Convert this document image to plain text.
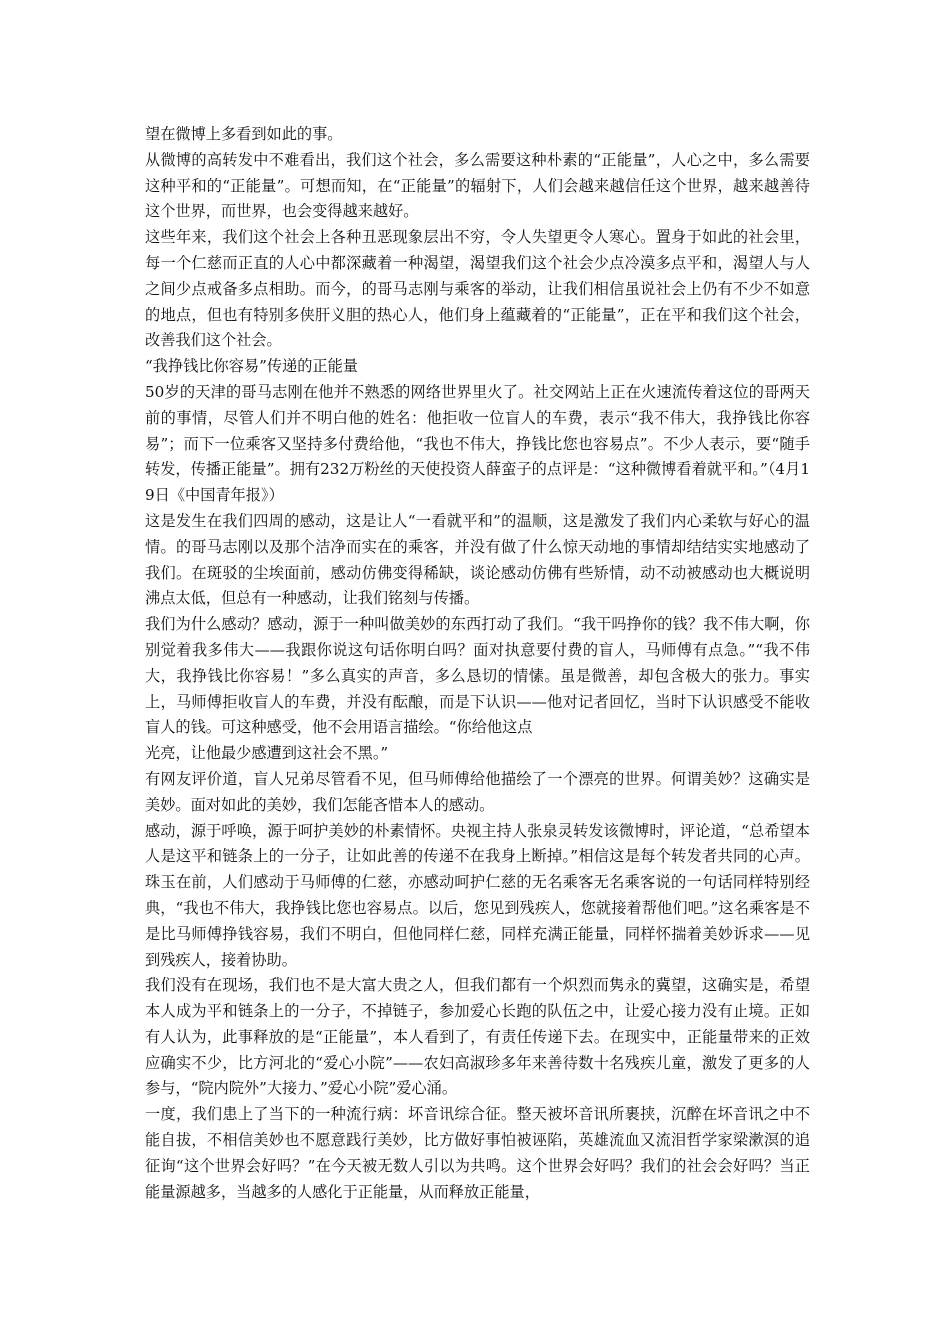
望在微博上多看到如此的事。

从微博的高转发中不难看出，我们这个社会，多么需要这种朴素的“正能量”，人心之中，多么需要这种平和的“正能量”。可想而知，在“正能量”的辐射下，人们会越来越信任这个世界，越来越善待这个世界，而世界，也会变得越来越好。

这些年来，我们这个社会上各种丑恶现象层出不穷，令人失望更令人寒心。置身于如此的社会里，每一个仁慈而正直的人心中都深藏着一种渴望，渴望我们这个社会少点冷漠多点平和，渴望人与人之间少点戒备多点相助。而今，的哥马志刚与乘客的举动，让我们相信虽说社会上仍有不少不如意的地点，但也有特别多侠肝义胆的热心人，他们身上蕴藏着的“正能量”，正在平和我们这个社会，改善我们这个社会。

“我挣钱比你容易”传递的正能量

50岁的天津的哥马志刚在他并不熟悉的网络世界里火了。社交网站上正在火速流传着这位的哥两天前的事情，尽管人们并不明白他的姓名：他拒收一位盲人的车费，表示“我不伟大，我挣钱比你容易”；而下一位乘客又坚持多付费给他，“我也不伟大，挣钱比您也容易点”。不少人表示，要“随手转发，传播正能量”。拥有232万粉丝的天使投资人薛蛮子的点评是：“这种微博看着就平和。”（4月19日《中国青年报》）

这是发生在我们四周的感动，这是让人“一看就平和”的温顺，这是激发了我们内心柔软与好心的温情。的哥马志刚以及那个洁净而实在的乘客，并没有做了什么惊天动地的事情却结结实实地感动了我们。在斑驳的尘埃面前，感动仿佛变得稀缺，谈论感动仿佛有些矫情，动不动被感动也大概说明沸点太低，但总有一种感动，让我们铭刻与传播。

我们为什么感动？感动，源于一种叫做美妙的东西打动了我们。“我干吗挣你的钱？我不伟大啊，你别觉着我多伟大——我跟你说这句话你明白吗？面对执意要付费的盲人，马师傅有点急。”“我不伟大，我挣钱比你容易！”多么真实的声音，多么恳切的情愫。虽是微善，却包含极大的张力。事实上，马师傅拒收盲人的车费，并没有酝酿，而是下认识——他对记者回忆，当时下认识感受不能收盲人的钱。可这种感受，他不会用语言描绘。“你给他这点

光亮，让他最少感遭到这社会不黑。”

有网友评价道，盲人兄弟尽管看不见，但马师傅给他描绘了一个漂亮的世界。何谓美妙？这确实是美妙。面对如此的美妙，我们怎能吝惜本人的感动。

感动，源于呼唤，源于呵护美妙的朴素情怀。央视主持人张泉灵转发该微博时，评论道，“总希望本人是这平和链条上的一分子，让如此善的传递不在我身上断掉。”相信这是每个转发者共同的心声。珠玉在前，人们感动于马师傅的仁慈，亦感动呵护仁慈的无名乘客无名乘客说的一句话同样特别经典，“我也不伟大，我挣钱比您也容易点。以后，您见到残疾人，您就接着帮他们吧。”这名乘客是不是比马师傅挣钱容易，我们不明白，但他同样仁慈，同样充满正能量，同样怀揣着美妙诉求——见到残疾人，接着协助。

我们没有在现场，我们也不是大富大贵之人，但我们都有一个炽烈而隽永的冀望，这确实是，希望本人成为平和链条上的一分子，不掉链子，参加爱心长跑的队伍之中，让爱心接力没有止境。正如有人认为，此事释放的是“正能量”，本人看到了，有责任传递下去。在现实中，正能量带来的正效应确实不少，比方河北的“爱心小院”——农妇高淑珍多年来善待数十名残疾儿童，激发了更多的人参与，“院内院外”大接力、”爱心小院”爱心涌。

一度，我们患上了当下的一种流行病：坏音讯综合征。整天被坏音讯所裹挟，沉醉在坏音讯之中不能自拔，不相信美妙也不愿意践行美妙，比方做好事怕被诬陷，英雄流血又流泪哲学家梁漱溟的追征询“这个世界会好吗？”在今天被无数人引以为共鸣。这个世界会好吗？我们的社会会好吗？当正能量源越多，当越多的人感化于正能量，从而释放正能量，
